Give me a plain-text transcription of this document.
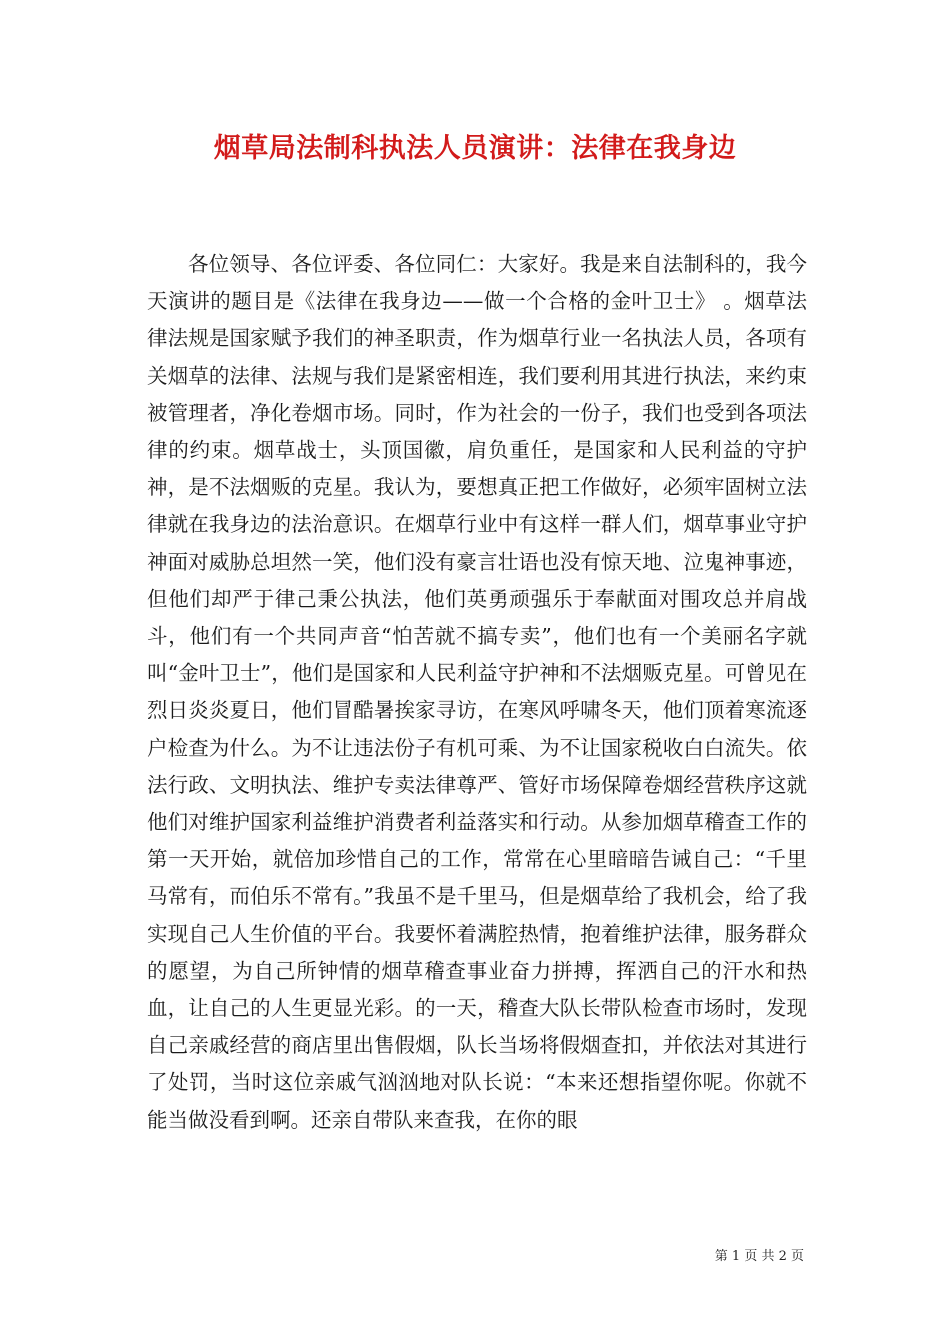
烟草局法制科执法人员演讲：法律在我身边

各位领导、各位评委、各位同仁：大家好。我是来自法制科的，我今天演讲的题目是《法律在我身边——做一个合格的金叶卫士》 。烟草法律法规是国家赋予我们的神圣职责，作为烟草行业一名执法人员，各项有关烟草的法律、法规与我们是紧密相连，我们要利用其进行执法，来约束被管理者，净化卷烟市场。同时，作为社会的一份子，我们也受到各项法律的约束。烟草战士，头顶国徽，肩负重任，是国家和人民利益的守护神，是不法烟贩的克星。我认为，要想真正把工作做好，必须牢固树立法律就在我身边的法治意识。在烟草行业中有这样一群人们，烟草事业守护神面对威胁总坦然一笑，他们没有豪言壮语也没有惊天地、泣鬼神事迹，但他们却严于律己秉公执法，他们英勇顽强乐于奉献面对围攻总并肩战斗，他们有一个共同声音“怕苦就不搞专卖”，他们也有一个美丽名字就叫“金叶卫士”，他们是国家和人民利益守护神和不法烟贩克星。可曾见在烈日炎炎夏日，他们冒酷暑挨家寻访，在寒风呼啸冬天，他们顶着寒流逐户检查为什么。为不让违法份子有机可乘、为不让国家税收白白流失。依法行政、文明执法、维护专卖法律尊严、管好市场保障卷烟经营秩序这就他们对维护国家利益维护消费者利益落实和行动。从参加烟草稽查工作的第一天开始，就倍加珍惜自己的工作，常常在心里暗暗告诫自己：“千里马常有，而伯乐不常有。”我虽不是千里马，但是烟草给了我机会，给了我实现自己人生价值的平台。我要怀着满腔热情，抱着维护法律，服务群众的愿望，为自己所钟情的烟草稽查事业奋力拼搏，挥洒自己的汗水和热血，让自己的人生更显光彩。的一天，稽查大队长带队检查市场时，发现自己亲戚经营的商店里出售假烟，队长当场将假烟查扣，并依法对其进行了处罚，当时这位亲戚气汹汹地对队长说：“本来还想指望你呢。你就不能当做没看到啊。还亲自带队来查我，在你的眼

第 1 页 共 2 页
